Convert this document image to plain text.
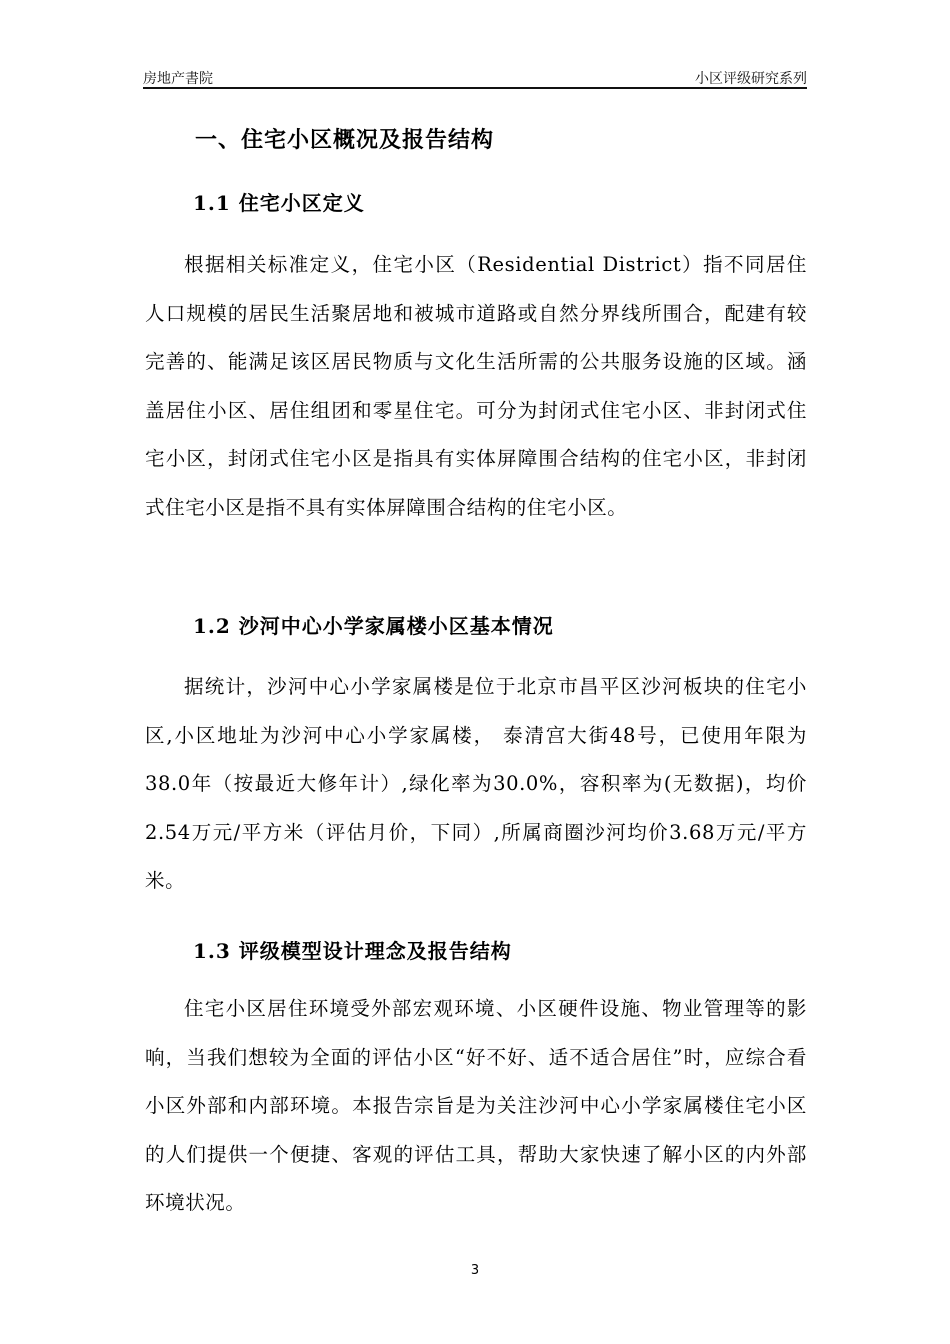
房地产書院	小区评级研究系列
一、住宅小区概况及报告结构
1.1 住宅小区定义

根据相关标准定义，住宅小区（Residential District）指不同居住人口规模的居民生活聚居地和被城市道路或自然分界线所围合，配建有较完善的、能满足该区居民物质与文化生活所需的公共服务设施的区域。涵盖居住小区、居住组团和零星住宅。可分为封闭式住宅小区、非封闭式住宅小区，封闭式住宅小区是指具有实体屏障围合结构的住宅小区，非封闭式住宅小区是指不具有实体屏障围合结构的住宅小区。

1.2 沙河中心小学家属楼小区基本情况

据统计，沙河中心小学家属楼是位于北京市昌平区沙河板块的住宅小区,小区地址为沙河中心小学家属楼， 泰清宫大街48号，已使用年限为38.0年（按最近大修年计）,绿化率为30.0%，容积率为(无数据)，均价2.54万元/平方米（评估月价，下同）,所属商圈沙河均价3.68万元/平方米。

1.3 评级模型设计理念及报告结构

住宅小区居住环境受外部宏观环境、小区硬件设施、物业管理等的影响，当我们想较为全面的评估小区“好不好、适不适合居住”时，应综合看小区外部和内部环境。本报告宗旨是为关注沙河中心小学家属楼住宅小区的人们提供一个便捷、客观的评估工具，帮助大家快速了解小区的内外部环境状况。

3
